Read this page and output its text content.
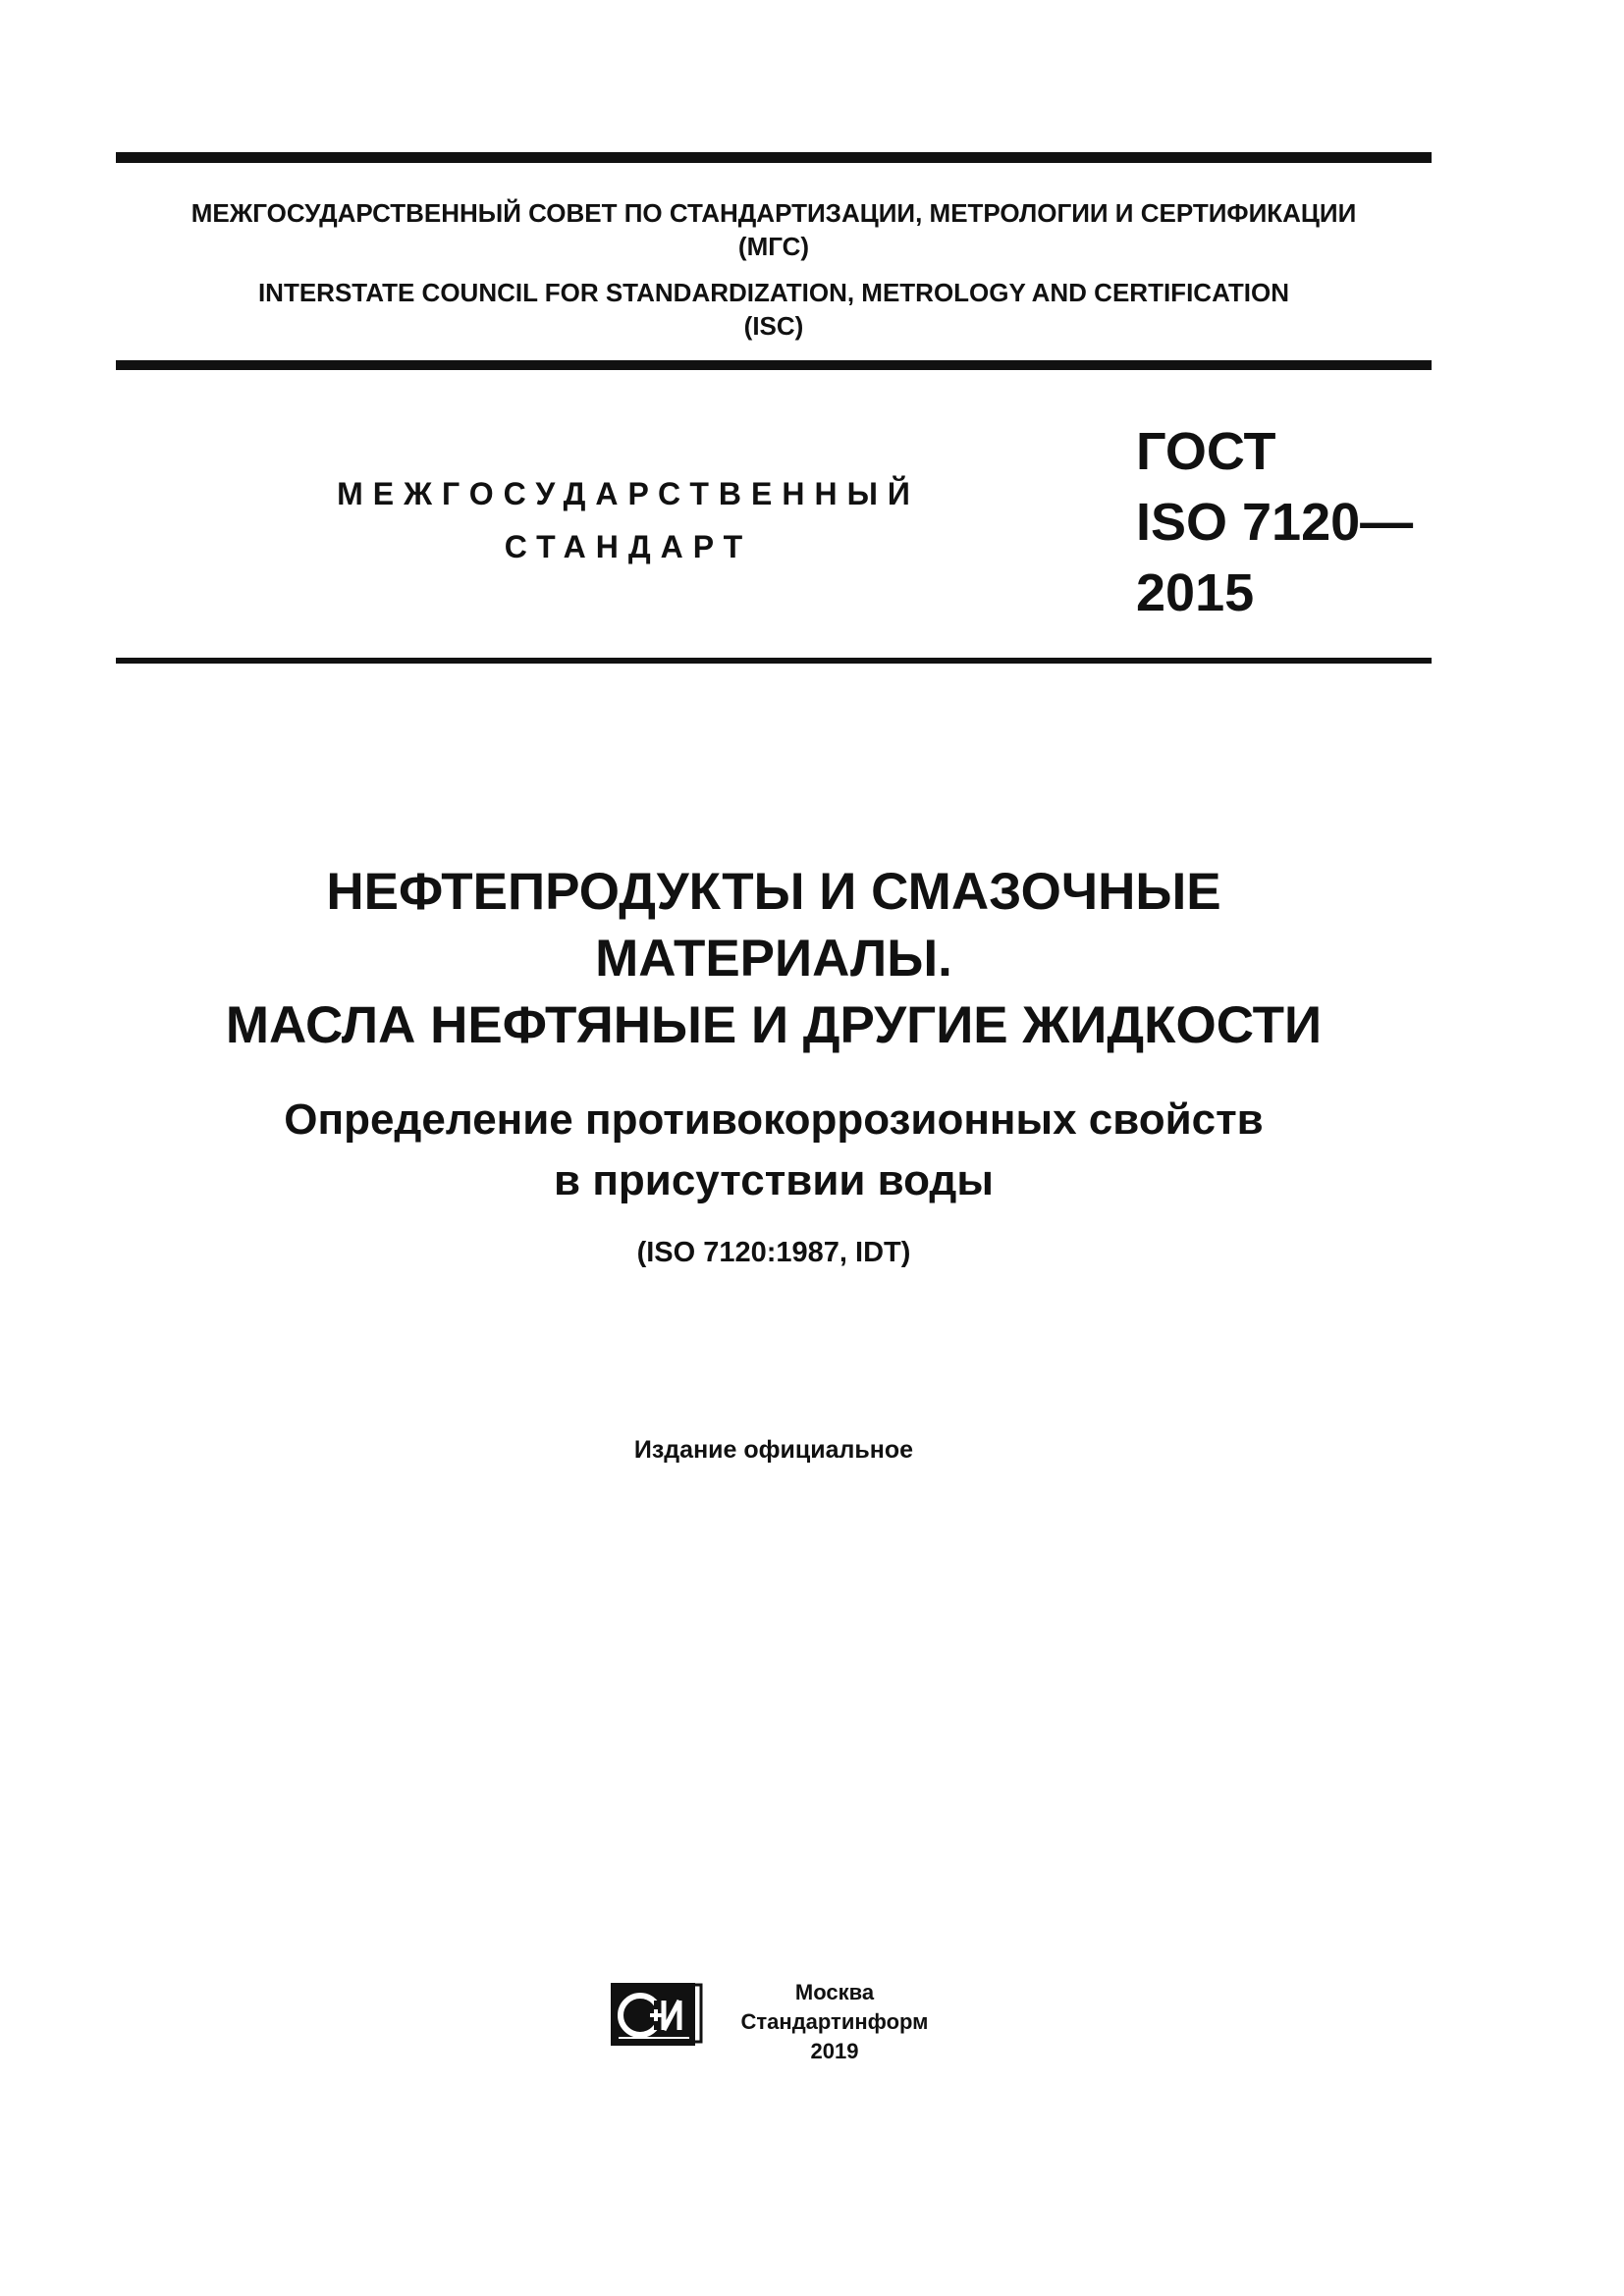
МЕЖГОСУДАРСТВЕННЫЙ СОВЕТ ПО СТАНДАРТИЗАЦИИ, МЕТРОЛОГИИ И СЕРТИФИКАЦИИ
(МГС)
INTERSTATE COUNCIL FOR STANDARDIZATION, METROLOGY AND CERTIFICATION
(ISC)
МЕЖГОСУДАРСТВЕННЫЙ
СТАНДАРТ
ГОСТ
ISO 7120—
2015
НЕФТЕПРОДУКТЫ И СМАЗОЧНЫЕ
МАТЕРИАЛЫ.
МАСЛА НЕФТЯНЫЕ И ДРУГИЕ ЖИДКОСТИ
Определение противокоррозионных свойств
в присутствии воды
(ISO 7120:1987, IDT)
Издание официальное
Москва
Стандартинформ
2019
